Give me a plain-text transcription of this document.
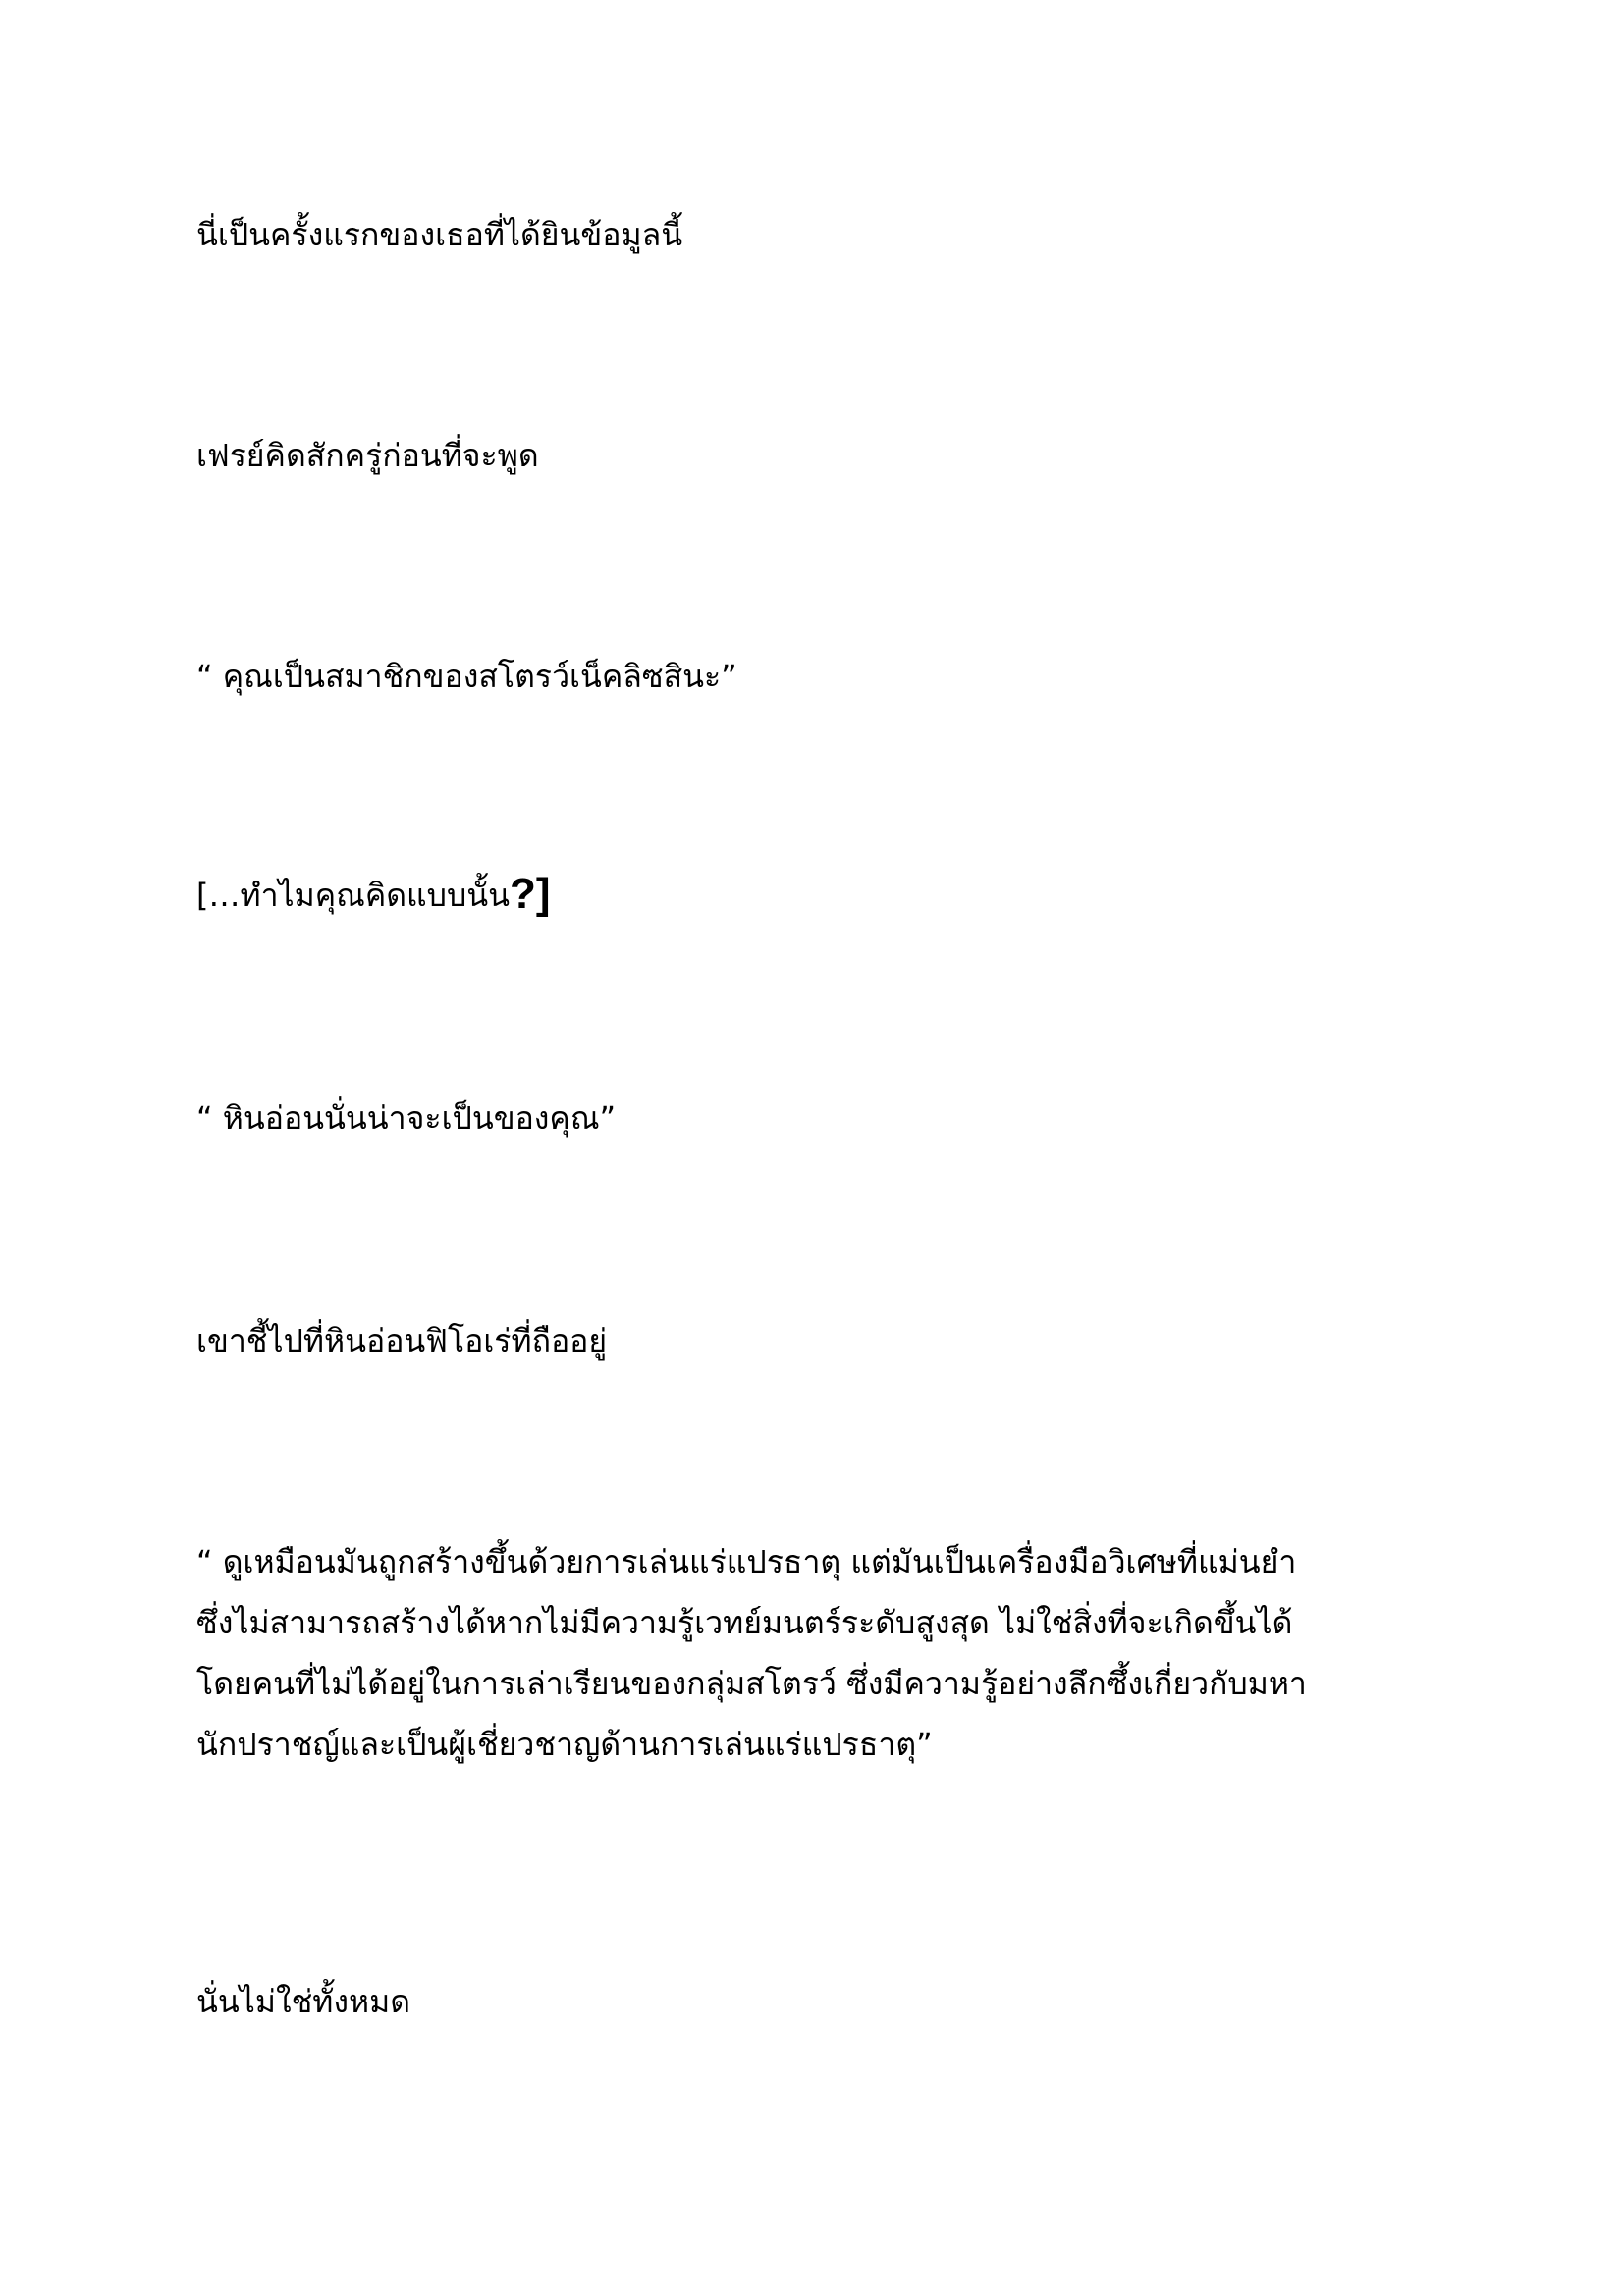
นี่เป็นครั้งแรกของเธอที่ได้ยินข้อมูลนี้

เฟรย์คิดสักครู่ก่อนที่จะพูด

“ คุณเป็นสมาชิกของสโตรว์เน็คลิซสินะ”

[…ทำไมคุณคิดแบบนั้น?]

“ หินอ่อนนั่นน่าจะเป็นของคุณ”

เขาชี้ไปที่หินอ่อนฟิโอเร่ที่ถืออยู่

“ ดูเหมือนมันถูกสร้างขึ้นด้วยการเล่นแร่แปรธาตุ แต่มันเป็นเครื่องมือวิเศษที่แม่นยำ
ซึ่งไม่สามารถสร้างได้หากไม่มีความรู้เวทย์มนตร์ระดับสูงสุด ไม่ใช่สิ่งที่จะเกิดขึ้นได้
โดยคนที่ไม่ได้อยู่ในการเล่าเรียนของกลุ่มสโตรว์ ซึ่งมีความรู้อย่างลึกซึ้งเกี่ยวกับมหา
นักปราชญ์และเป็นผู้เชี่ยวชาญด้านการเล่นแร่แปรธาตุ”

นั่นไม่ใช่ทั้งหมด
